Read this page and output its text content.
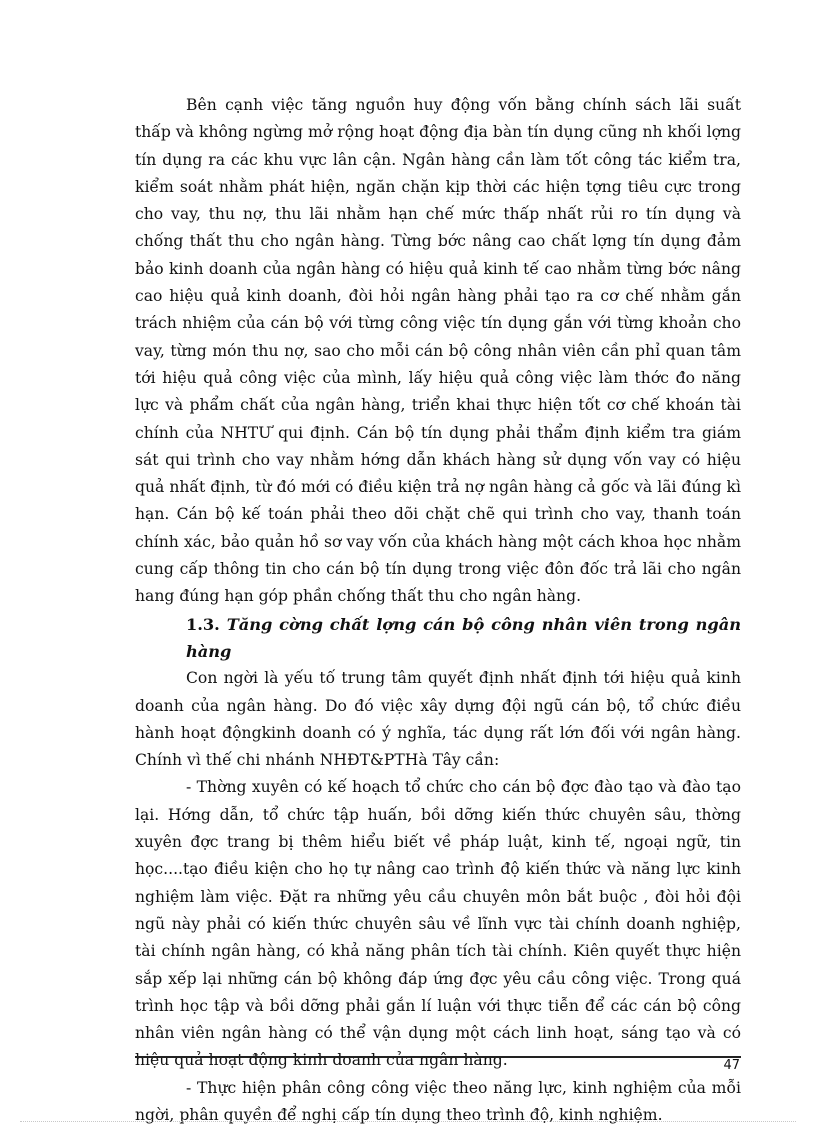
Bên cạnh việc tăng nguồn huy động vốn bằng chính sách lãi suất thấp và không ngừng mở rộng hoạt động địa bàn tín dụng cũng nh khối lợng tín dụng ra các khu vực lân cận. Ngân hàng cần làm tốt công tác kiểm tra, kiểm soát nhằm phát hiện, ngăn chặn kịp thời các hiện tợng tiêu cực trong cho vay, thu nợ, thu lãi nhằm hạn chế mức thấp nhất rủi ro tín dụng và chống thất thu cho ngân hàng. Từng bớc nâng cao chất lợng tín dụng đảm bảo kinh doanh của ngân hàng có hiệu quả kinh tế cao nhằm từng bớc nâng cao hiệu quả kinh doanh, đòi hỏi ngân hàng phải tạo ra cơ chế nhằm gắn trách nhiệm của cán bộ với từng công việc tín dụng gắn với từng khoản cho vay, từng món thu nợ, sao cho mỗi cán bộ công nhân viên cần phỉ quan tâm tới hiệu quả công việc của mình, lấy hiệu quả công việc làm thớc đo năng lực và phẩm chất của ngân hàng, triển khai thực hiện tốt cơ chế khoán tài chính của NHTƯ qui định. Cán bộ tín dụng phải thẩm định kiểm tra giám sát qui trình cho vay nhằm hớng dẫn khách hàng sử dụng vốn vay có hiệu quả nhất định, từ đó mới có điều kiện trả nợ ngân hàng cả gốc và lãi đúng kì hạn. Cán bộ kế toán phải theo dõi chặt chẽ qui trình cho vay, thanh toán chính xác, bảo quản hồ sơ vay vốn của khách hàng một cách khoa học nhằm cung cấp thông tin cho cán bộ tín dụng trong việc đôn đốc trả lãi cho ngân hang đúng hạn góp phần chống thất thu cho ngân hàng.

1.3. Tăng cờng chất lợng cán bộ công nhân viên trong ngân hàng

Con ngời là yếu tố trung tâm quyết định nhất định tới hiệu quả kinh doanh của ngân hàng. Do đó việc xây dựng đội ngũ cán bộ, tổ chức điều hành hoạt độngkinh doanh có ý nghĩa, tác dụng rất lớn đối với ngân hàng. Chính vì thế chi nhánh NHĐT&PTHà Tây cần:

- Thờng xuyên có kế hoạch tổ chức cho cán bộ đợc đào tạo và đào tạo lại. Hớng dẫn, tổ chức tập huấn, bồi dỡng kiến thức chuyên sâu, thờng xuyên đợc trang bị thêm hiểu biết về pháp luật, kinh tế, ngoại ngữ, tin học....tạo điều kiện cho họ tự nâng cao trình độ kiến thức và năng lực kinh nghiệm làm việc. Đặt ra những yêu cầu chuyên môn bắt buộc , đòi hỏi đội ngũ này phải có kiến thức chuyên sâu về lĩnh vực tài chính doanh nghiệp, tài chính ngân hàng, có khả năng phân tích tài chính. Kiên quyết thực hiện sắp xếp lại những cán bộ không đáp ứng đợc yêu cầu công việc. Trong quá trình học tập và bồi dỡng phải gắn lí luận với thực tiễn để các cán bộ công nhân viên ngân hàng có thể vận dụng một cách linh hoạt, sáng tạo và có hiệu quả hoạt động kinh doanh của ngân hàng.

- Thực hiện phân công công việc theo năng lực, kinh nghiệm của mỗi ngời, phân quyền để nghị cấp tín dụng theo trình độ, kinh nghiệm.

47
